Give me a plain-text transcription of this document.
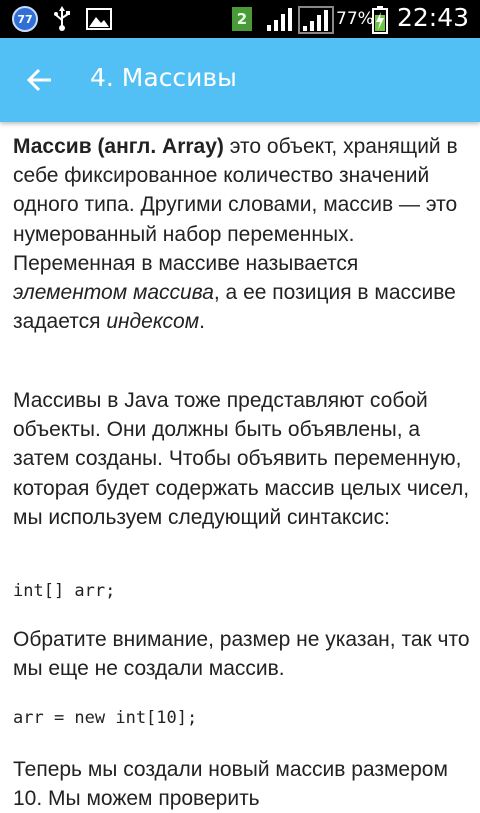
77	2	77% 22:43
4. Массивы

Массив (англ. Array) это объект, хранящий в себе фиксированное количество значений одного типа. Другими словами, массив — это нумерованный набор переменных. Переменная в массиве называется элементом массива, а ее позиция в массиве задается индексом.

Массивы в Java тоже представляют собой объекты. Они должны быть объявлены, а затем созданы. Чтобы объявить переменную, которая будет содержать массив целых чисел, мы используем следующий синтаксис:

int[] arr;

Обратите внимание, размер не указан, так что мы еще не создали массив.

arr = new int[10];

Теперь мы создали новый массив размером 10. Мы можем проверить
